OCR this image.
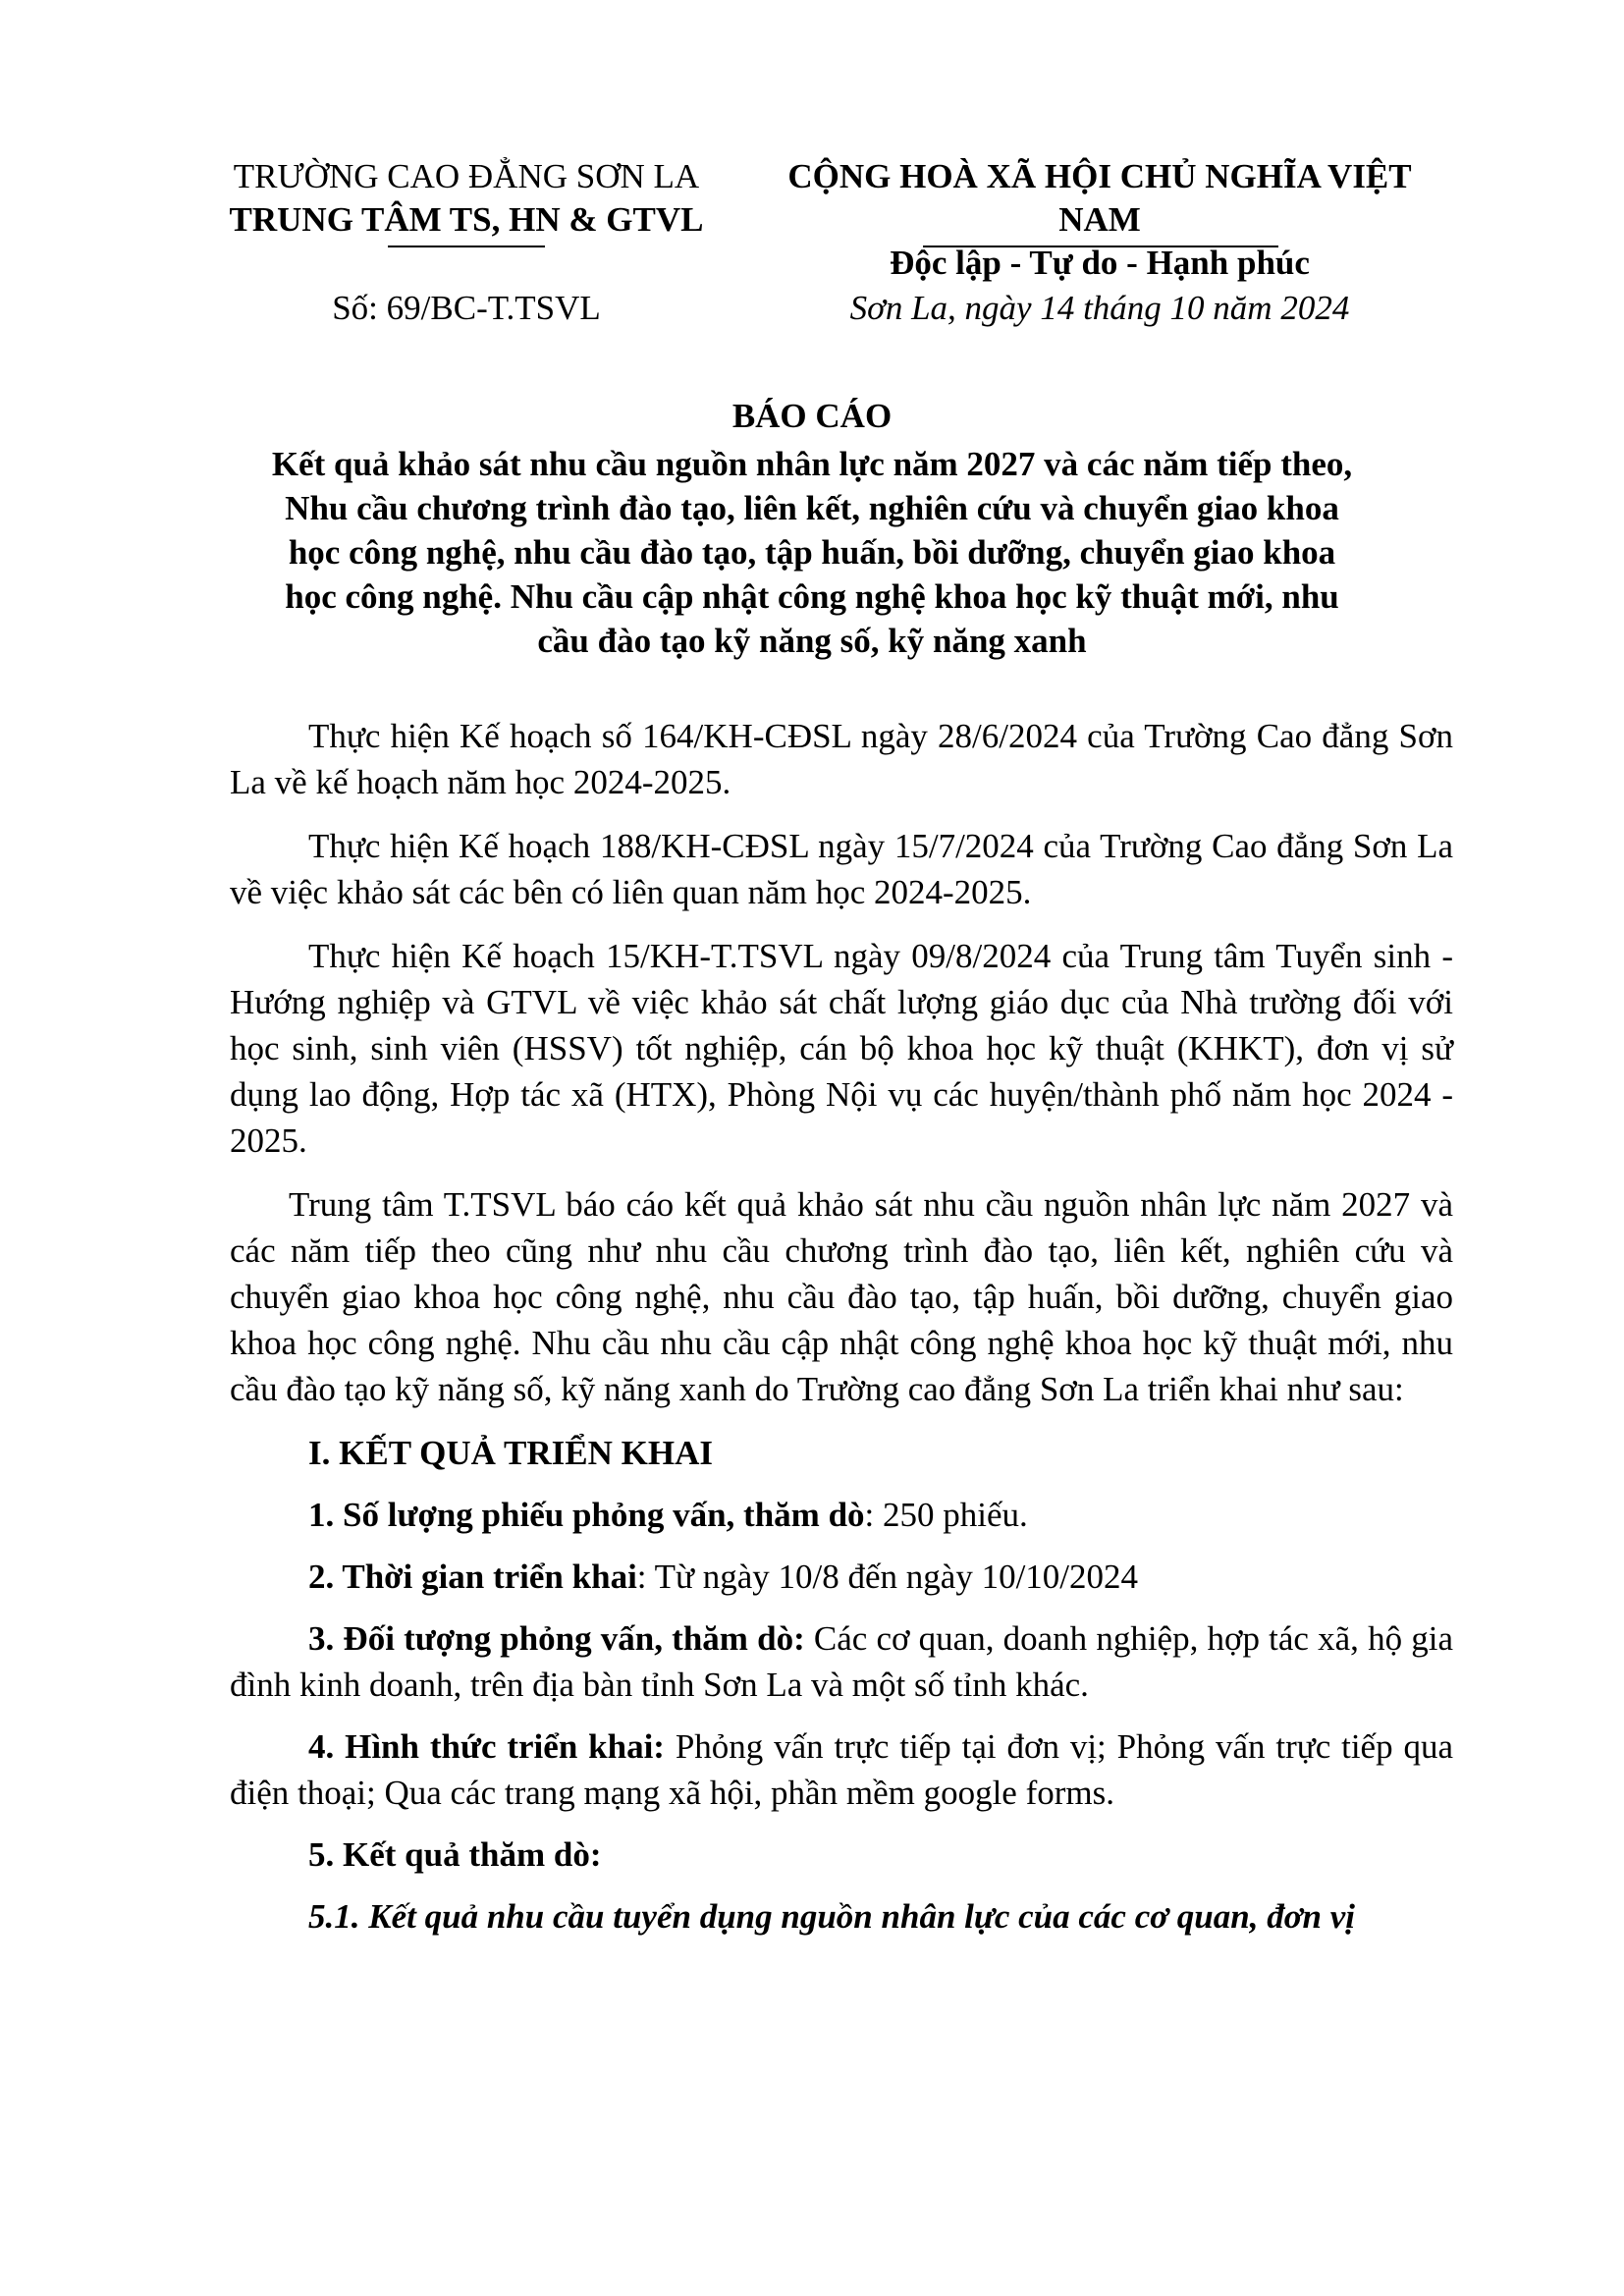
TRƯỜNG CAO ĐẲNG SƠN LA
TRUNG TÂM TS, HN & GTVL
CỘNG HOÀ XÃ HỘI CHỦ NGHĨA VIỆT NAM
Độc lập - Tự do - Hạnh phúc
Số: 69/BC-T.TSVL	Sơn La, ngày 14 tháng 10 năm 2024
BÁO CÁO
Kết quả khảo sát nhu cầu nguồn nhân lực năm 2027 và các năm tiếp theo, Nhu cầu chương trình đào tạo, liên kết, nghiên cứu và chuyển giao khoa học công nghệ, nhu cầu đào tạo, tập huấn, bồi dưỡng, chuyển giao khoa học công nghệ. Nhu cầu cập nhật công nghệ khoa học kỹ thuật mới, nhu cầu đào tạo kỹ năng số, kỹ năng xanh

Thực hiện Kế hoạch số 164/KH-CĐSL ngày 28/6/2024 của Trường Cao đẳng Sơn La về kế hoạch năm học 2024-2025.

Thực hiện Kế hoạch 188/KH-CĐSL ngày 15/7/2024 của Trường Cao đẳng Sơn La về việc khảo sát các bên có liên quan năm học 2024-2025.

Thực hiện Kế hoạch 15/KH-T.TSVL ngày 09/8/2024 của Trung tâm Tuyển sinh - Hướng nghiệp và GTVL về việc khảo sát chất lượng giáo dục của Nhà trường đối với học sinh, sinh viên (HSSV) tốt nghiệp, cán bộ khoa học kỹ thuật (KHKT), đơn vị sử dụng lao động, Hợp tác xã (HTX), Phòng Nội vụ các huyện/thành phố năm học 2024 - 2025.

Trung tâm T.TSVL báo cáo kết quả khảo sát nhu cầu nguồn nhân lực năm 2027 và các năm tiếp theo cũng như nhu cầu chương trình đào tạo, liên kết, nghiên cứu và chuyển giao khoa học công nghệ, nhu cầu đào tạo, tập huấn, bồi dưỡng, chuyển giao khoa học công nghệ. Nhu cầu nhu cầu cập nhật công nghệ khoa học kỹ thuật mới, nhu cầu đào tạo kỹ năng số, kỹ năng xanh do Trường cao đẳng Sơn La triển khai như sau:

I. KẾT QUẢ TRIỂN KHAI

1. Số lượng phiếu phỏng vấn, thăm dò: 250 phiếu.

2. Thời gian triển khai: Từ ngày 10/8 đến ngày 10/10/2024

3. Đối tượng phỏng vấn, thăm dò: Các cơ quan, doanh nghiệp, hợp tác xã, hộ gia đình kinh doanh, trên địa bàn tỉnh Sơn La và một số tỉnh khác.

4. Hình thức triển khai: Phỏng vấn trực tiếp tại đơn vị; Phỏng vấn trực tiếp qua điện thoại; Qua các trang mạng xã hội, phần mềm google forms.

5. Kết quả thăm dò:

5.1. Kết quả nhu cầu tuyển dụng nguồn nhân lực của các cơ quan, đơn vị
